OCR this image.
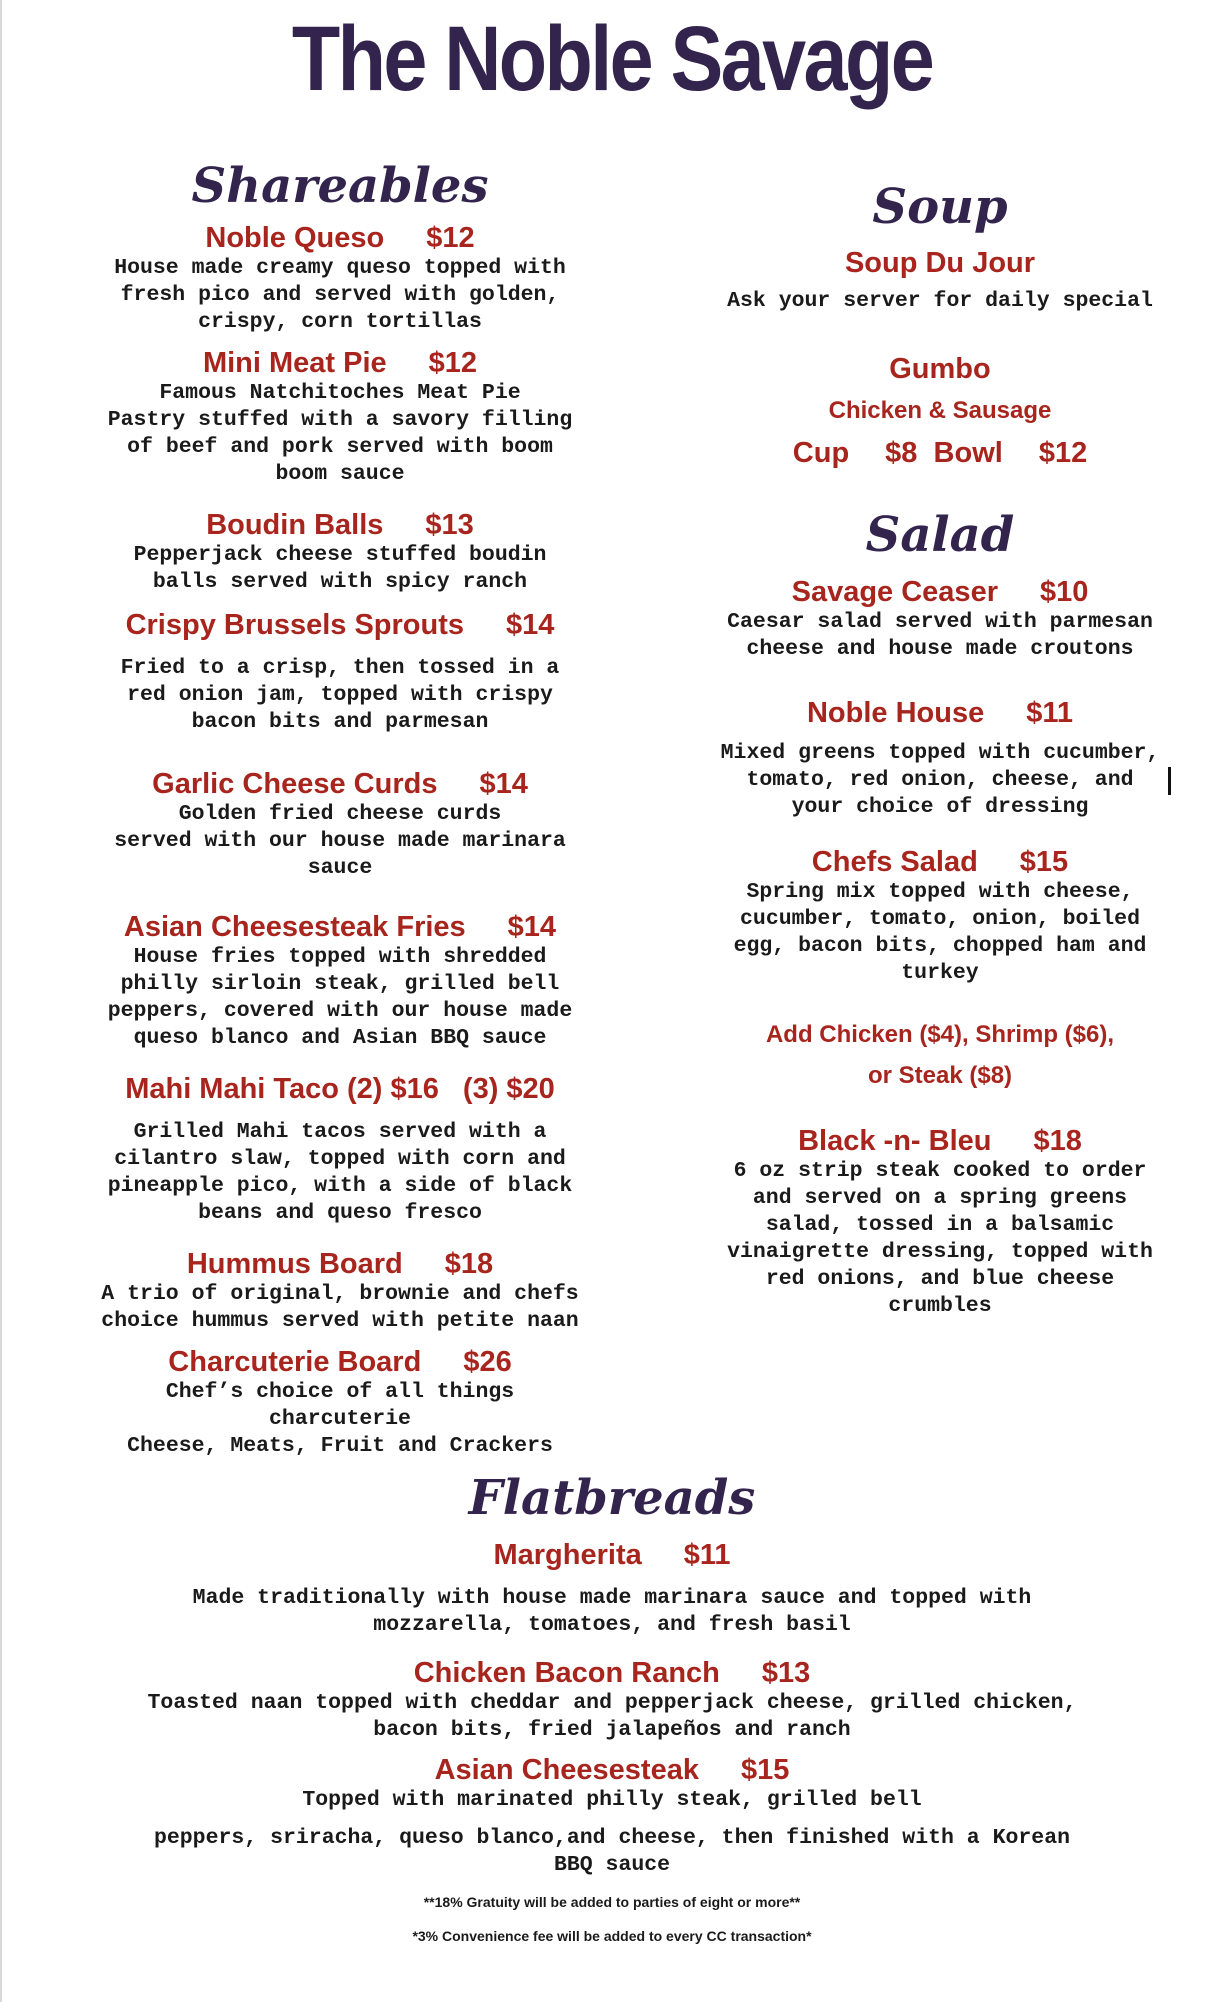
The Noble Savage
Shareables
Noble Queso $12
House made creamy queso topped with
fresh pico and served with golden,
crispy, corn tortillas
Mini Meat Pie $12
Famous Natchitoches Meat Pie
Pastry stuffed with a savory filling
of beef and pork served with boom
boom sauce
Boudin Balls $13
Pepperjack cheese stuffed boudin
balls served with spicy ranch
Crispy Brussels Sprouts $14
Fried to a crisp, then tossed in a
red onion jam, topped with crispy
bacon bits and parmesan
Garlic Cheese Curds $14
Golden fried cheese curds
served with our house made marinara
sauce
Asian Cheesesteak Fries $14
House fries topped with shredded
philly sirloin steak, grilled bell
peppers, covered with our house made
queso blanco and Asian BBQ sauce
Mahi Mahi Taco (2) $16 (3) $20
Grilled Mahi tacos served with a
cilantro slaw, topped with corn and
pineapple pico, with a side of black
beans and queso fresco
Hummus Board $18
A trio of original, brownie and chefs
choice hummus served with petite naan
Charcuterie Board $26
Chef’s choice of all things
charcuterie
Cheese, Meats, Fruit and Crackers
Soup
Soup Du Jour
Ask your server for daily special
Gumbo
Chicken & Sausage
Cup $8 Bowl $12
Salad
Savage Ceaser $10
Caesar salad served with parmesan
cheese and house made croutons
Noble House $11
Mixed greens topped with cucumber,
tomato, red onion, cheese, and
your choice of dressing
Chefs Salad $15
Spring mix topped with cheese,
cucumber, tomato, onion, boiled
egg, bacon bits, chopped ham and
turkey
Add Chicken ($4), Shrimp ($6),
or Steak ($8)
Black -n- Bleu $18
6 oz strip steak cooked to order
and served on a spring greens
salad, tossed in a balsamic
vinaigrette dressing, topped with
red onions, and blue cheese
crumbles
Flatbreads
Margherita $11
Made traditionally with house made marinara sauce and topped with
mozzarella, tomatoes, and fresh basil
Chicken Bacon Ranch $13
Toasted naan topped with cheddar and pepperjack cheese, grilled chicken,
bacon bits, fried jalapeños and ranch
Asian Cheesesteak $15
Topped with marinated philly steak, grilled bell
peppers, sriracha, queso blanco,and cheese, then finished with a Korean
BBQ sauce
**18% Gratuity will be added to parties of eight or more**
*3% Convenience fee will be added to every CC transaction*
